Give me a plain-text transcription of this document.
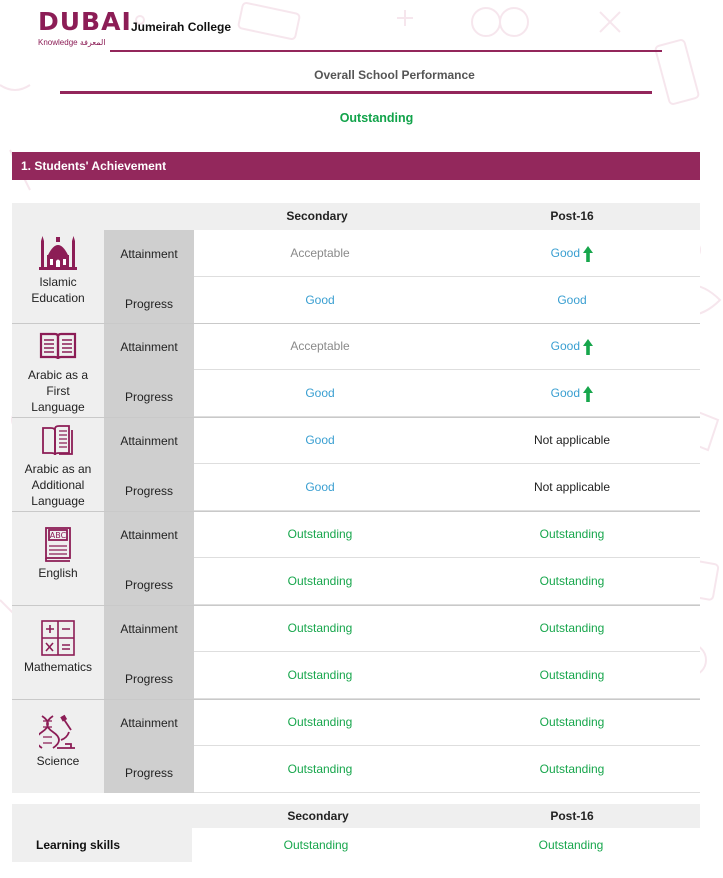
DUBAI
Knowledge المعرفة
Jumeirah College
Overall School Performance
Outstanding
1. Students' Achievement
Secondary	Post-16
Islamic
Education
Attainment	Acceptable	Good
Progress	Good	Good
Arabic as a
First
Language
Attainment	Acceptable	Good
Progress	Good	Good
Arabic as an
Additional
Language
Attainment	Good	Not applicable
Progress	Good	Not applicable
ABC
English
Attainment	Outstanding	Outstanding
Progress	Outstanding	Outstanding
Mathematics
Attainment	Outstanding	Outstanding
Progress	Outstanding	Outstanding
Science
Attainment	Outstanding	Outstanding
Progress	Outstanding	Outstanding
Secondary	Post-16
Learning skills	Outstanding	Outstanding
